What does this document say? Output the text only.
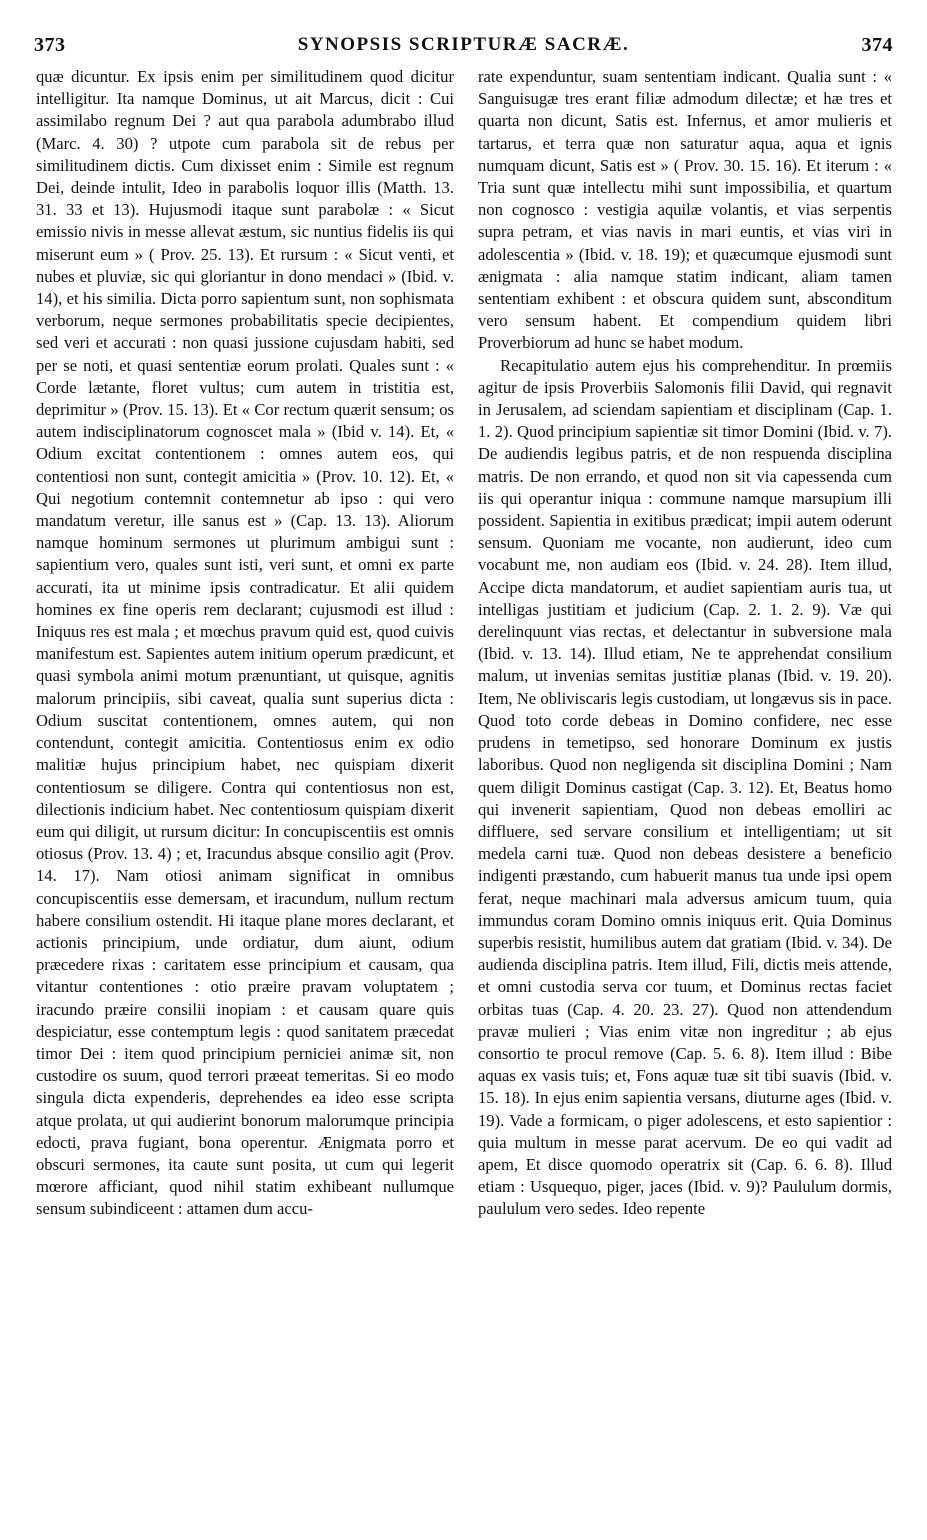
373	SYNOPSIS SCRIPTURÆ SACRÆ.	374

quæ dicuntur. Ex ipsis enim per similitudinem quod dicitur intelligitur. Ita namque Dominus, ut ait Marcus, dicit : Cui assimilabo regnum Dei ? aut qua parabola adumbrabo illud (Marc. 4. 30) ? utpote cum parabola sit de rebus per similitudinem dictis. Cum dixisset enim : Simile est regnum Dei, deinde intulit, Ideo in parabolis loquor illis (Matth. 13. 31. 33 et 13). Hujusmodi itaque sunt parabolæ : « Sicut emissio nivis in messe allevat æstum, sic nuntius fidelis iis qui miserunt eum » ( Prov. 25. 13). Et rursum : « Sicut venti, et nubes et pluviæ, sic qui gloriantur in dono mendaci » (Ibid. v. 14), et his similia. Dicta porro sapientum sunt, non sophismata verborum, neque sermones probabilitatis specie decipientes, sed veri et accurati : non quasi jussione cujusdam habiti, sed per se noti, et quasi sententiæ eorum prolati. Quales sunt : « Corde lætante, floret vultus; cum autem in tristitia est, deprimitur » (Prov. 15. 13). Et « Cor rectum quærit sensum; os autem indisciplinatorum cognoscet mala » (Ibid v. 14). Et, « Odium excitat contentionem : omnes autem eos, qui contentiosi non sunt, contegit amicitia » (Prov. 10. 12). Et, « Qui negotium contemnit contemnetur ab ipso : qui vero mandatum veretur, ille sanus est » (Cap. 13. 13). Aliorum namque hominum sermones ut plurimum ambigui sunt : sapientium vero, quales sunt isti, veri sunt, et omni ex parte accurati, ita ut minime ipsis contradicatur. Et alii quidem homines ex fine operis rem declarant; cujusmodi est illud : Iniquus res est mala ; et mœchus pravum quid est, quod cuivis manifestum est. Sapientes autem initium operum prædicunt, et quasi symbola animi motum prænuntiant, ut quisque, agnitis malorum principiis, sibi caveat, qualia sunt superius dicta : Odium suscitat contentionem, omnes autem, qui non contendunt, contegit amicitia. Contentiosus enim ex odio malitiæ hujus principium habet, nec quispiam dixerit contentiosum se diligere. Contra qui contentiosus non est, dilectionis indicium habet. Nec contentiosum quispiam dixerit eum qui diligit, ut rursum dicitur: In concupiscentiis est omnis otiosus (Prov. 13. 4) ; et, Iracundus absque consilio agit (Prov. 14. 17). Nam otiosi animam significat in omnibus concupiscentiis esse demersam, et iracundum, nullum rectum habere consilium ostendit. Hi itaque plane mores declarant, et actionis principium, unde ordiatur, dum aiunt, odium præcedere rixas : caritatem esse principium et causam, qua vitantur contentiones : otio præire pravam voluptatem ; iracundo præire consilii inopiam : et causam quare quis despiciatur, esse contemptum legis : quod sanitatem præcedat timor Dei : item quod principium perniciei animæ sit, non custodire os suum, quod terrori præeat temeritas. Si eo modo singula dicta expenderis, deprehendes ea ideo esse scripta atque prolata, ut qui audierint bonorum malorumque principia edocti, prava fugiant, bona operentur. Ænigmata porro et obscuri sermones, ita caute sunt posita, ut cum qui legerit mœrore afficiant, quod nihil statim exhibeant nullumque sensum subindiceent : attamen dum accu-

rate expenduntur, suam sententiam indicant. Qualia sunt : « Sanguisugæ tres erant filiæ admodum dilectæ; et hæ tres et quarta non dicunt, Satis est. Infernus, et amor mulieris et tartarus, et terra quæ non saturatur aqua, aqua et ignis numquam dicunt, Satis est » ( Prov. 30. 15. 16). Et iterum : « Tria sunt quæ intellectu mihi sunt impossibilia, et quartum non cognosco : vestigia aquilæ volantis, et vias serpentis supra petram, et vias navis in mari euntis, et vias viri in adolescentia » (Ibid. v. 18. 19); et quæcumque ejusmodi sunt ænigmata : alia namque statim indicant, aliam tamen sententiam exhibent : et obscura quidem sunt, absconditum vero sensum habent. Et compendium quidem libri Proverbiorum ad hunc se habet modum.

Recapitulatio autem ejus his comprehenditur. In prœmiis agitur de ipsis Proverbiis Salomonis filii David, qui regnavit in Jerusalem, ad sciendam sapientiam et disciplinam (Cap. 1. 1. 2). Quod principium sapientiæ sit timor Domini (Ibid. v. 7). De audiendis legibus patris, et de non respuenda disciplina matris. De non errando, et quod non sit via capessenda cum iis qui operantur iniqua : commune namque marsupium illi possident. Sapientia in exitibus prædicat; impii autem oderunt sensum. Quoniam me vocante, non audierunt, ideo cum vocabunt me, non audiam eos (Ibid. v. 24. 28). Item illud, Accipe dicta mandatorum, et audiet sapientiam auris tua, ut intelligas justitiam et judicium (Cap. 2. 1. 2. 9). Væ qui derelinquunt vias rectas, et delectantur in subversione mala (Ibid. v. 13. 14). Illud etiam, Ne te apprehendat consilium malum, ut invenias semitas justitiæ planas (Ibid. v. 19. 20). Item, Ne obliviscaris legis custodiam, ut longævus sis in pace. Quod toto corde debeas in Domino confidere, nec esse prudens in temetipso, sed honorare Dominum ex justis laboribus. Quod non negligenda sit disciplina Domini ; Nam quem diligit Dominus castigat (Cap. 3. 12). Et, Beatus homo qui invenerit sapientiam, Quod non debeas emolliri ac diffluere, sed servare consilium et intelligentiam; ut sit medela carni tuæ. Quod non debeas desistere a beneficio indigenti præstando, cum habuerit manus tua unde ipsi opem ferat, neque machinari mala adversus amicum tuum, quia immundus coram Domino omnis iniquus erit. Quia Dominus superbis resistit, humilibus autem dat gratiam (Ibid. v. 34). De audienda disciplina patris. Item illud, Fili, dictis meis attende, et omni custodia serva cor tuum, et Dominus rectas faciet orbitas tuas (Cap. 4. 20. 23. 27). Quod non attendendum pravæ mulieri ; Vias enim vitæ non ingreditur ; ab ejus consortio te procul remove (Cap. 5. 6. 8). Item illud : Bibe aquas ex vasis tuis; et, Fons aquæ tuæ sit tibi suavis (Ibid. v. 15. 18). In ejus enim sapientia versans, diuturne ages (Ibid. v. 19). Vade a formicam, o piger adolescens, et esto sapientior : quia multum in messe parat acervum. De eo qui vadit ad apem, Et disce quomodo operatrix sit (Cap. 6. 6. 8). Illud etiam : Usquequo, piger, jaces (Ibid. v. 9)? Paululum dormis, paululum vero sedes. Ideo repente
